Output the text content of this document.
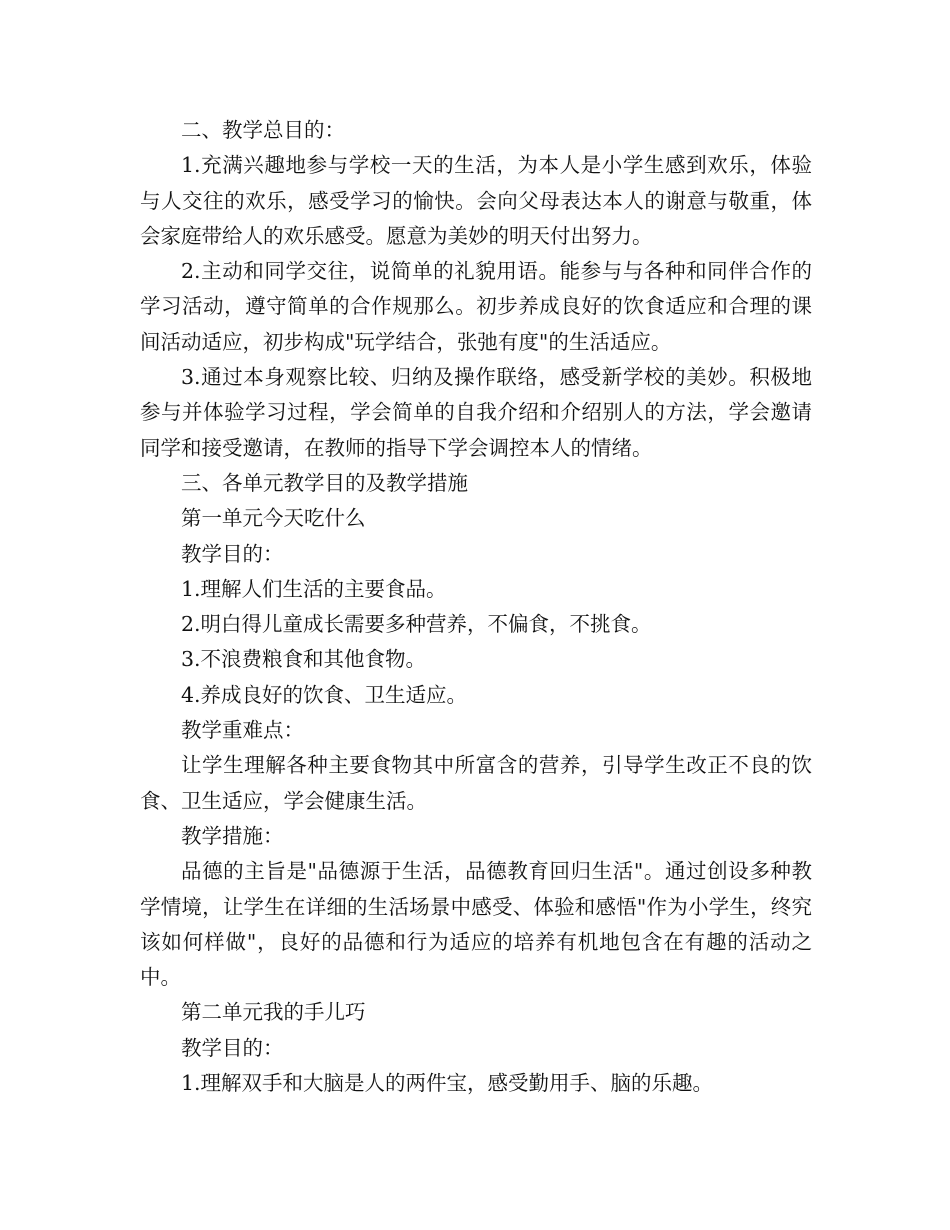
二、教学总目的：

1.充满兴趣地参与学校一天的生活，为本人是小学生感到欢乐，体验与人交往的欢乐，感受学习的愉快。会向父母表达本人的谢意与敬重，体会家庭带给人的欢乐感受。愿意为美妙的明天付出努力。

2.主动和同学交往，说简单的礼貌用语。能参与与各种和同伴合作的学习活动，遵守简单的合作规那么。初步养成良好的饮食适应和合理的课间活动适应，初步构成"玩学结合，张弛有度"的生活适应。

3.通过本身观察比较、归纳及操作联络，感受新学校的美妙。积极地参与并体验学习过程，学会简单的自我介绍和介绍别人的方法，学会邀请同学和接受邀请，在教师的指导下学会调控本人的情绪。

三、各单元教学目的及教学措施

第一单元今天吃什么

教学目的：

1.理解人们生活的主要食品。

2.明白得儿童成长需要多种营养，不偏食，不挑食。

3.不浪费粮食和其他食物。

4.养成良好的饮食、卫生适应。

教学重难点：

让学生理解各种主要食物其中所富含的营养，引导学生改正不良的饮食、卫生适应，学会健康生活。

教学措施：

品德的主旨是"品德源于生活，品德教育回归生活"。通过创设多种教学情境，让学生在详细的生活场景中感受、体验和感悟"作为小学生，终究该如何样做"，良好的品德和行为适应的培养有机地包含在有趣的活动之中。

第二单元我的手儿巧

教学目的：

1.理解双手和大脑是人的两件宝，感受勤用手、脑的乐趣。
